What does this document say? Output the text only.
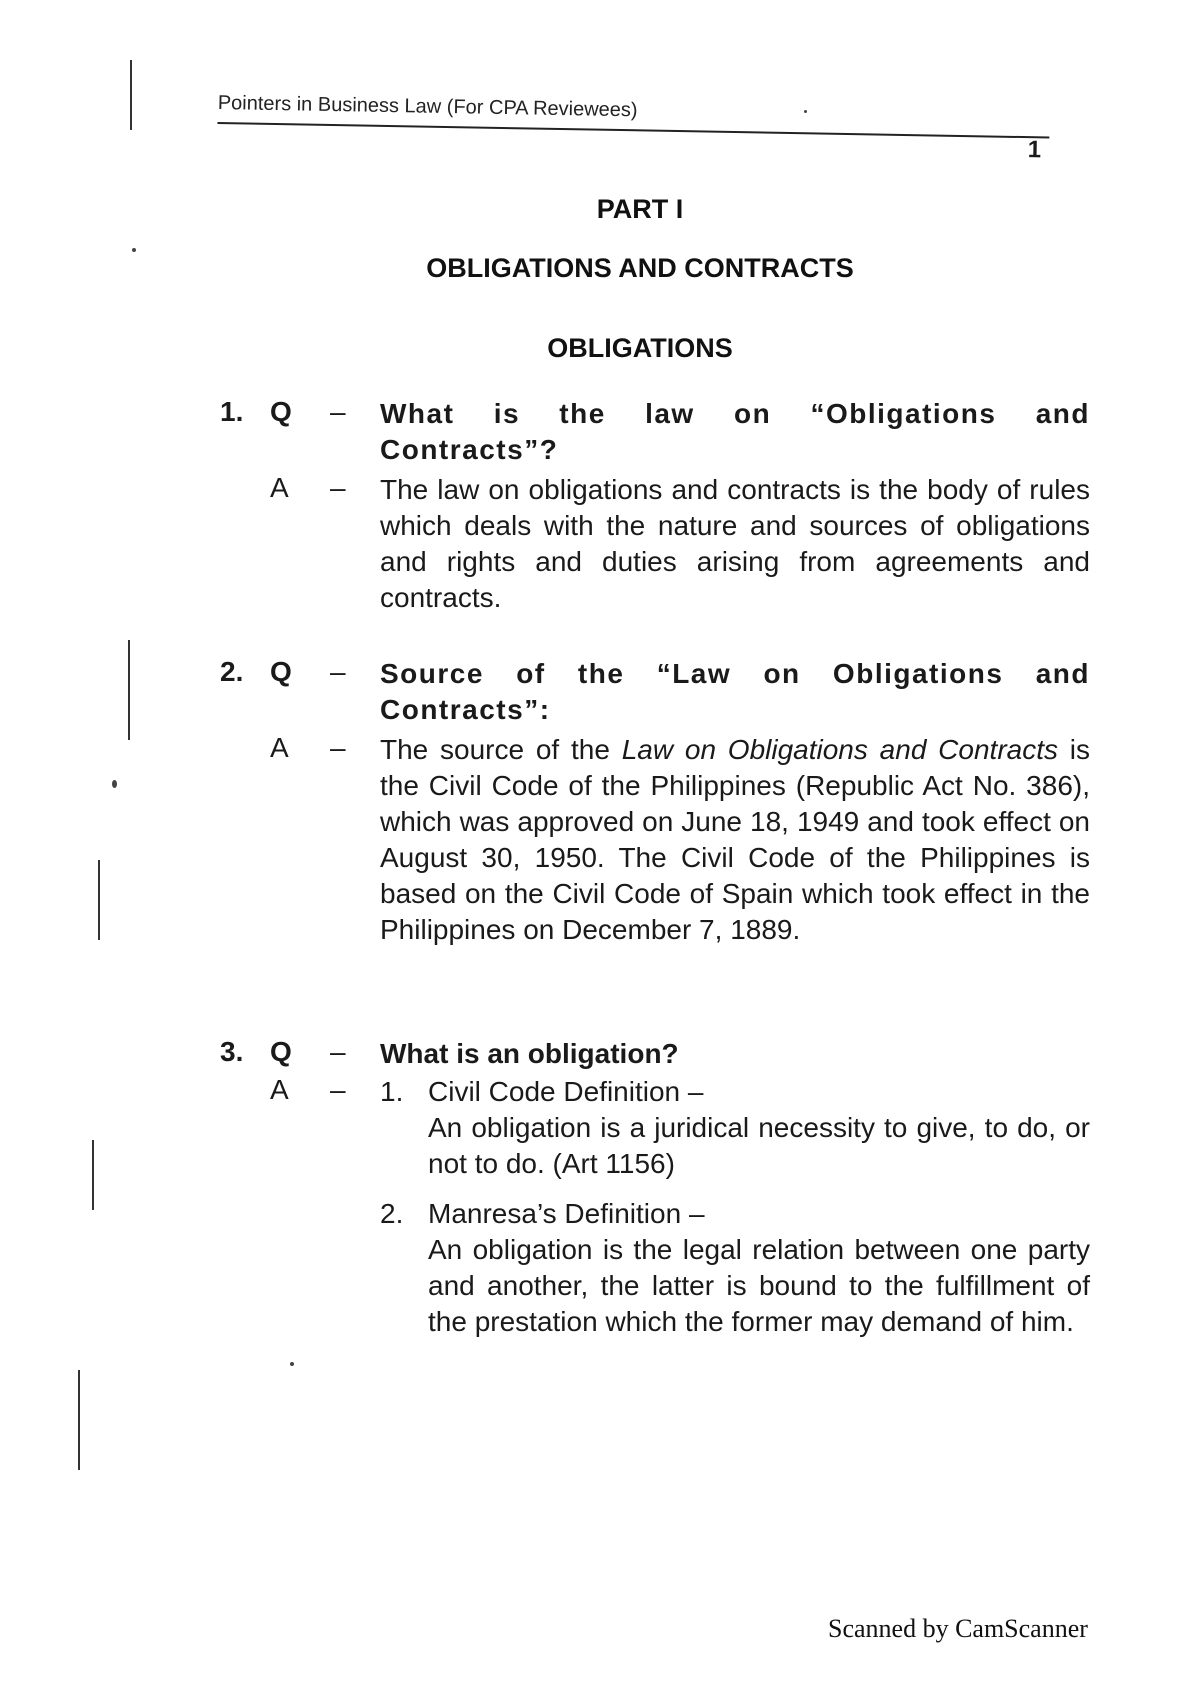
Pointers in Business Law (For CPA Reviewees)
1
PART I
OBLIGATIONS AND CONTRACTS
OBLIGATIONS
1. Q – What is the law on “Obligations and Contracts”?
A – The law on obligations and contracts is the body of rules which deals with the nature and sources of obligations and rights and duties arising from agreements and contracts.
2. Q – Source of the “Law on Obligations and Contracts”:
A – The source of the Law on Obligations and Contracts is the Civil Code of the Philippines (Republic Act No. 386), which was approved on June 18, 1949 and took effect on August 30, 1950. The Civil Code of the Philippines is based on the Civil Code of Spain which took effect in the Philippines on December 7, 1889.
3. Q – What is an obligation?
A – 1. Civil Code Definition –
An obligation is a juridical necessity to give, to do, or not to do. (Art 1156)
2. Manresa’s Definition –
An obligation is the legal relation between one party and another, the latter is bound to the fulfillment of the prestation which the former may demand of him.
Scanned by CamScanner
